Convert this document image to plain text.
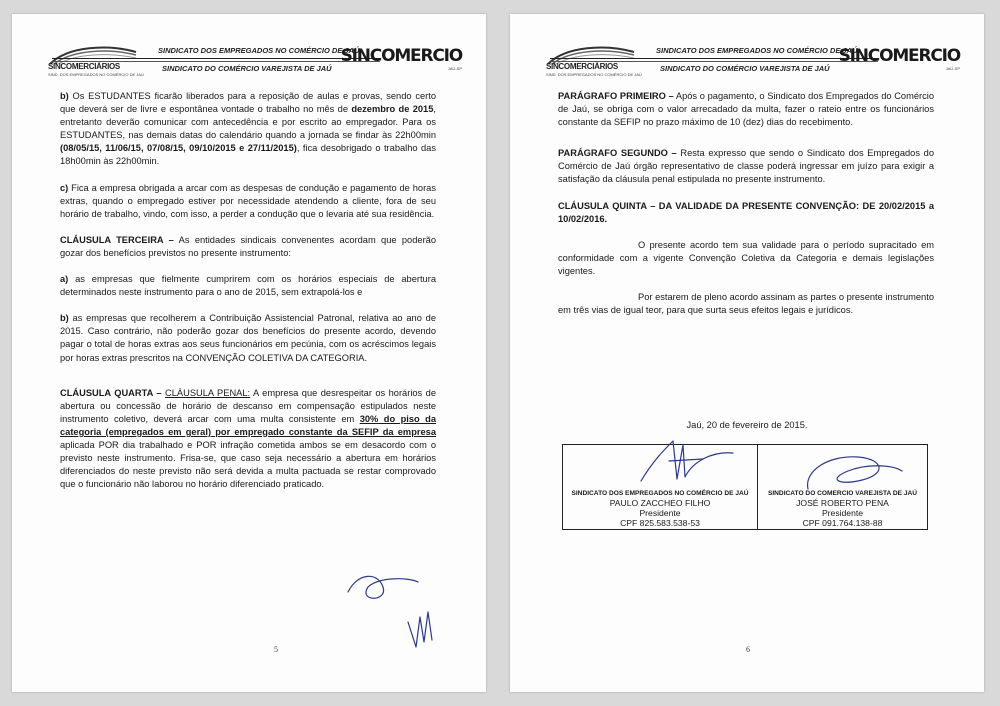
SINCOMERCIÁRIOS
SIND. DOS EMPREGADOS NO COMÉRCIO DE JAÚ
SINDICATO DOS EMPREGADOS NO COMÉRCIO DE JAÚ
SINDICATO DO COMÉRCIO VAREJISTA DE JAÚ
SINCOMERCIO
JAÚ-SP

b) Os ESTUDANTES ficarão liberados para a reposição de aulas e provas, sendo certo que deverá ser de livre e espontânea vontade o trabalho no mês de dezembro de 2015, entretanto deverão comunicar com antecedência e por escrito ao empregador. Para os ESTUDANTES, nas demais datas do calendário quando a jornada se findar às 22h00min (08/05/15, 11/06/15, 07/08/15, 09/10/2015 e 27/11/2015), fica desobrigado o trabalho das 18h00min às 22h00min.

c) Fica a empresa obrigada a arcar com as despesas de condução e pagamento de horas extras, quando o empregado estiver por necessidade atendendo a cliente, fora de seu horário de trabalho, vindo, com isso, a perder a condução que o levaria até sua residência.

CLÁUSULA TERCEIRA – As entidades sindicais convenentes acordam que poderão gozar dos benefícios previstos no presente instrumento:

a) as empresas que fielmente cumprirem com os horários especiais de abertura determinados neste instrumento para o ano de 2015, sem extrapolá-los e

b) as empresas que recolherem a Contribuição Assistencial Patronal, relativa ao ano de 2015. Caso contrário, não poderão gozar dos benefícios do presente acordo, devendo pagar o total de horas extras aos seus funcionários em pecúnia, com os acréscimos legais por horas extras prescritos na CONVENÇÃO COLETIVA DA CATEGORIA.

CLÁUSULA QUARTA – CLÁUSULA PENAL: A empresa que desrespeitar os horários de abertura ou concessão de horário de descanso em compensação estipulados neste instrumento coletivo, deverá arcar com uma multa consistente em 30% do piso da categoria (empregados em geral) por empregado constante da SEFIP da empresa aplicada POR dia trabalhado e POR infração cometida ambos se em desacordo com o previsto neste instrumento. Frisa-se, que caso seja necessário a abertura em horários diferenciados do neste previsto não será devida a multa pactuada se restar comprovado que o funcionário não laborou no horário diferenciado praticado.

5
SINCOMERCIÁRIOS
SIND. DOS EMPREGADOS NO COMÉRCIO DE JAÚ
SINDICATO DOS EMPREGADOS NO COMÉRCIO DE JAÚ
SINDICATO DO COMÉRCIO VAREJISTA DE JAÚ
SINCOMERCIO
JAÚ-SP

PARÁGRAFO PRIMEIRO – Após o pagamento, o Sindicato dos Empregados do Comércio de Jaú, se obriga com o valor arrecadado da multa, fazer o rateio entre os funcionários constante da SEFIP no prazo máximo de 10 (dez) dias do recebimento.

PARÁGRAFO SEGUNDO – Resta expresso que sendo o Sindicato dos Empregados do Comércio de Jaú órgão representativo de classe poderá ingressar em juízo para exigir a satisfação da cláusula penal estipulada no presente instrumento.

CLÁUSULA QUINTA – DA VALIDADE DA PRESENTE CONVENÇÃO: DE 20/02/2015 a 10/02/2016.

O presente acordo tem sua validade para o período supracitado em conformidade com a vigente Convenção Coletiva da Categoria e demais legislações vigentes.

Por estarem de pleno acordo assinam as partes o presente instrumento em três vias de igual teor, para que surta seus efeitos legais e jurídicos.

Jaú, 20 de fevereiro de 2015.
SINDICATO DOS EMPREGADOS NO COMÉRCIO DE JAÚ
PAULO ZACCHEO FILHO
Presidente
CPF 825.583.538-53
SINDICATO DO COMERCIO VAREJISTA DE JAÚ
JOSÉ ROBERTO PENA
Presidente
CPF 091.764.138-88
6
